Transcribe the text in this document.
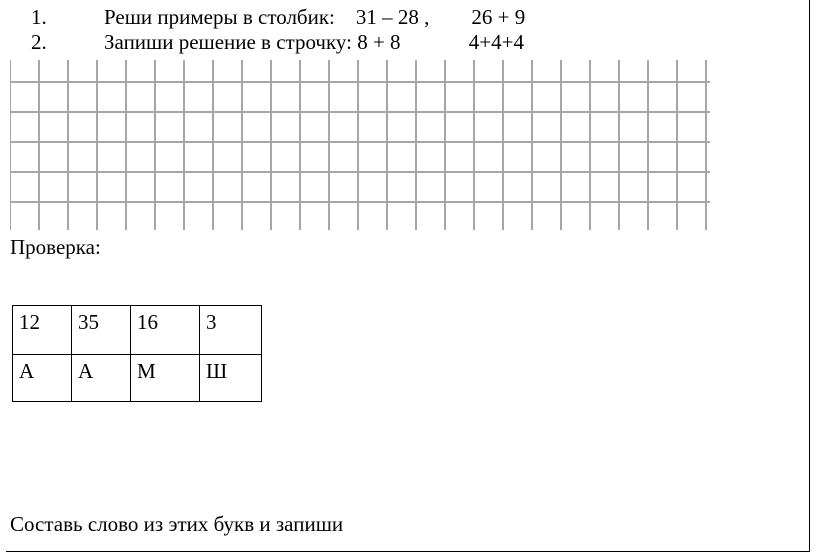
1.	Реши примеры в столбик:    31 – 28 ,        26 + 9
2.	Запиши решение в строчку: 8 + 8             4+4+4
Проверка:
12	35	16	3
А	А	М	Ш
Составь слово из этих букв и запиши
